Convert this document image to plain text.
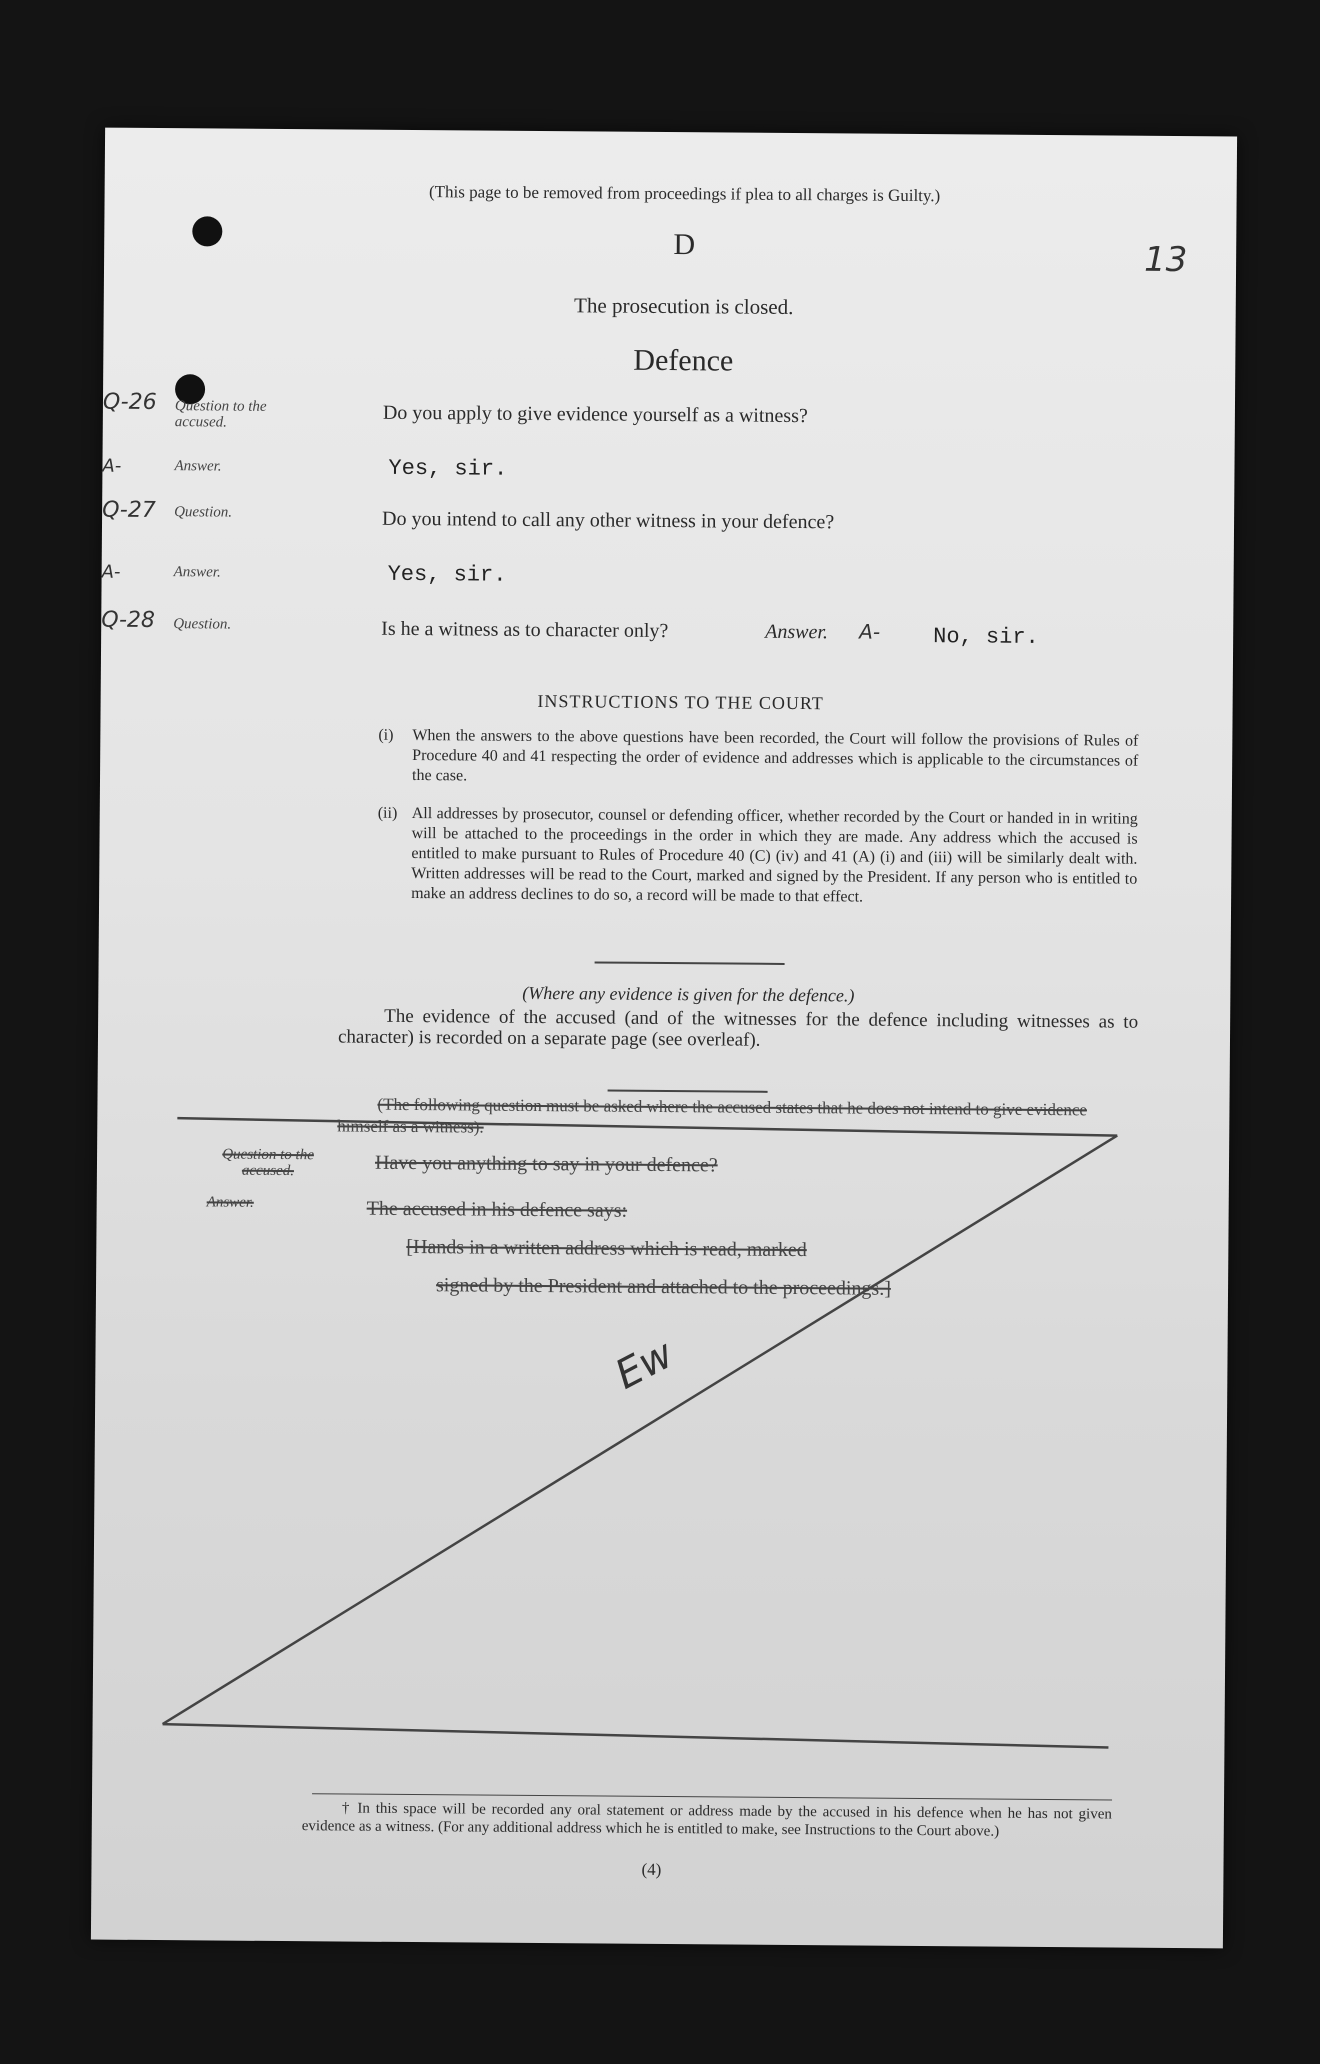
(This page to be removed from proceedings if plea to all charges is Guilty.)
D	13
The prosecution is closed.
Defence
Q-26 Question to the accused.	Do you apply to give evidence yourself as a witness?
A-	Answer.	Yes, sir.
Q-27 Question.	Do you intend to call any other witness in your defence?
A-	Answer.	Yes, sir.
Q-28 Question.	Is he a witness as to character only?	Answer. A- No, sir.
INSTRUCTIONS TO THE COURT
(i) When the answers to the above questions have been recorded, the Court will follow the provisions of Rules of Procedure 40 and 41 respecting the order of evidence and addresses which is applicable to the circumstances of the case.
(ii) All addresses by prosecutor, counsel or defending officer, whether recorded by the Court or handed in in writing will be attached to the proceedings in the order in which they are made. Any address which the accused is entitled to make pursuant to Rules of Procedure 40 (C) (iv) and 41 (A) (i) and (iii) will be similarly dealt with. Written addresses will be read to the Court, marked and signed by the President. If any person who is entitled to make an address declines to do so, a record will be made to that effect.
(Where any evidence is given for the defence.)
The evidence of the accused (and of the witnesses for the defence including witnesses as to character) is recorded on a separate page (see overleaf).
(The following question must be asked where the accused states that he does not intend to give evidence himself as a witness).
Question to the accused.	Have you anything to say in your defence?
Answer.	The accused in his defence says:
[Hands in a written address which is read, marked
signed by the President and attached to the proceedings.]
Ew
† In this space will be recorded any oral statement or address made by the accused in his defence when he has not given evidence as a witness. (For any additional address which he is entitled to make, see Instructions to the Court above.)
(4)
